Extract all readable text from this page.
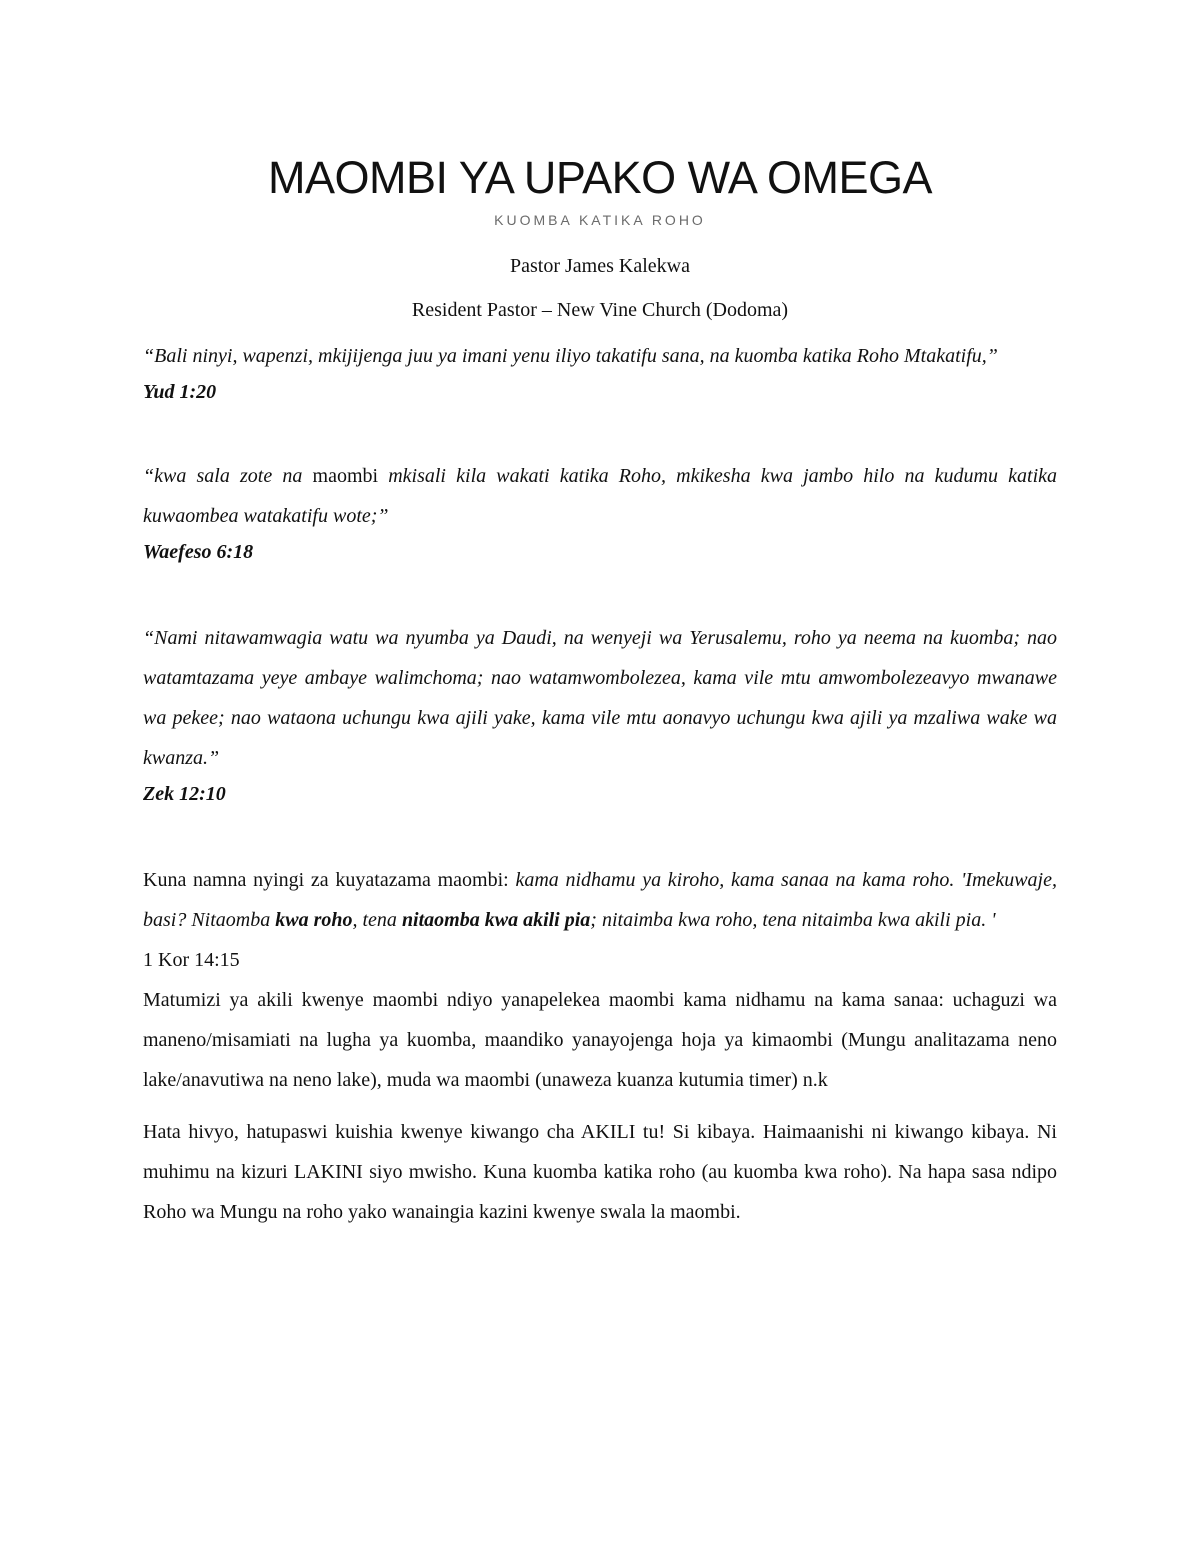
MAOMBI YA UPAKO WA OMEGA
KUOMBA KATIKA ROHO
Pastor James Kalekwa
Resident Pastor – New Vine Church (Dodoma)

“Bali ninyi, wapenzi, mkijijenga juu ya imani yenu iliyo takatifu sana, na kuomba katika Roho Mtakatifu,”

Yud 1:20

“kwa sala zote na maombi mkisali kila wakati katika Roho, mkikesha kwa jambo hilo na kudumu katika kuwaombea watakatifu wote;”

Waefeso 6:18

“Nami nitawamwagia watu wa nyumba ya Daudi, na wenyeji wa Yerusalemu, roho ya neema na kuomba; nao watamtazama yeye ambaye walimchoma; nao watamwombolezea, kama vile mtu amwombolezeavyo mwanawe wa pekee; nao wataona uchungu kwa ajili yake, kama vile mtu aonavyo uchungu kwa ajili ya mzaliwa wake wa kwanza.”

Zek 12:10

Kuna namna nyingi za kuyatazama maombi: kama nidhamu ya kiroho, kama sanaa na kama roho. 'Imekuwaje, basi? Nitaomba kwa roho, tena nitaomba kwa akili pia; nitaimba kwa roho, tena nitaimba kwa akili pia. '

1 Kor 14:15

Matumizi ya akili kwenye maombi ndiyo yanapelekea maombi kama nidhamu na kama sanaa: uchaguzi wa maneno/misamiati na lugha ya kuomba, maandiko yanayojenga hoja ya kimaombi (Mungu analitazama neno lake/anavutiwa na neno lake), muda wa maombi (unaweza kuanza kutumia timer) n.k

Hata hivyo, hatupaswi kuishia kwenye kiwango cha AKILI tu! Si kibaya. Haimaanishi ni kiwango kibaya. Ni muhimu na kizuri LAKINI siyo mwisho. Kuna kuomba katika roho (au kuomba kwa roho). Na hapa sasa ndipo Roho wa Mungu na roho yako wanaingia kazini kwenye swala la maombi.
